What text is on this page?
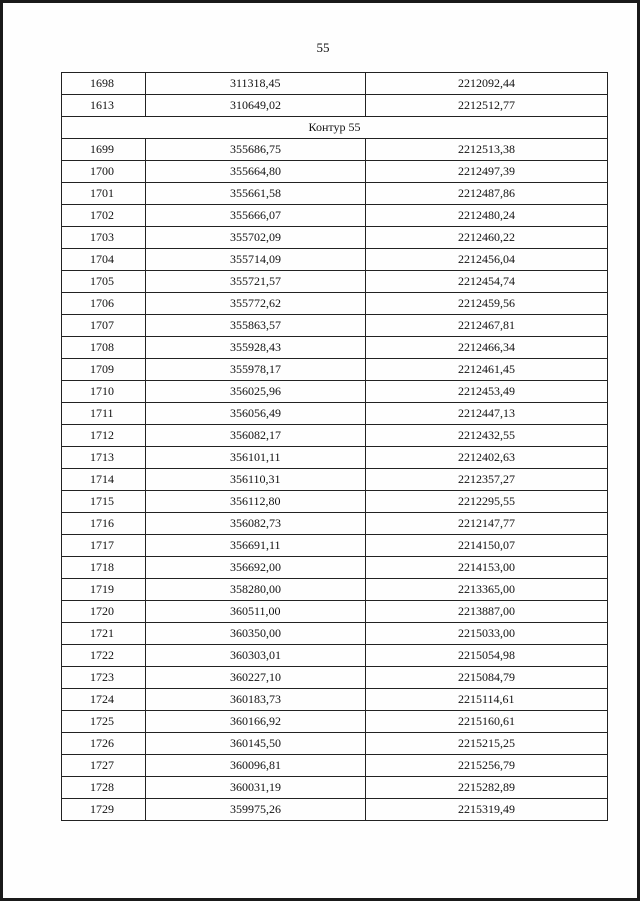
55
1698	311318,45	2212092,44
1613	310649,02	2212512,77
Контур 55		
1699	355686,75	2212513,38
1700	355664,80	2212497,39
1701	355661,58	2212487,86
1702	355666,07	2212480,24
1703	355702,09	2212460,22
1704	355714,09	2212456,04
1705	355721,57	2212454,74
1706	355772,62	2212459,56
1707	355863,57	2212467,81
1708	355928,43	2212466,34
1709	355978,17	2212461,45
1710	356025,96	2212453,49
1711	356056,49	2212447,13
1712	356082,17	2212432,55
1713	356101,11	2212402,63
1714	356110,31	2212357,27
1715	356112,80	2212295,55
1716	356082,73	2212147,77
1717	356691,11	2214150,07
1718	356692,00	2214153,00
1719	358280,00	2213365,00
1720	360511,00	2213887,00
1721	360350,00	2215033,00
1722	360303,01	2215054,98
1723	360227,10	2215084,79
1724	360183,73	2215114,61
1725	360166,92	2215160,61
1726	360145,50	2215215,25
1727	360096,81	2215256,79
1728	360031,19	2215282,89
1729	359975,26	2215319,49
